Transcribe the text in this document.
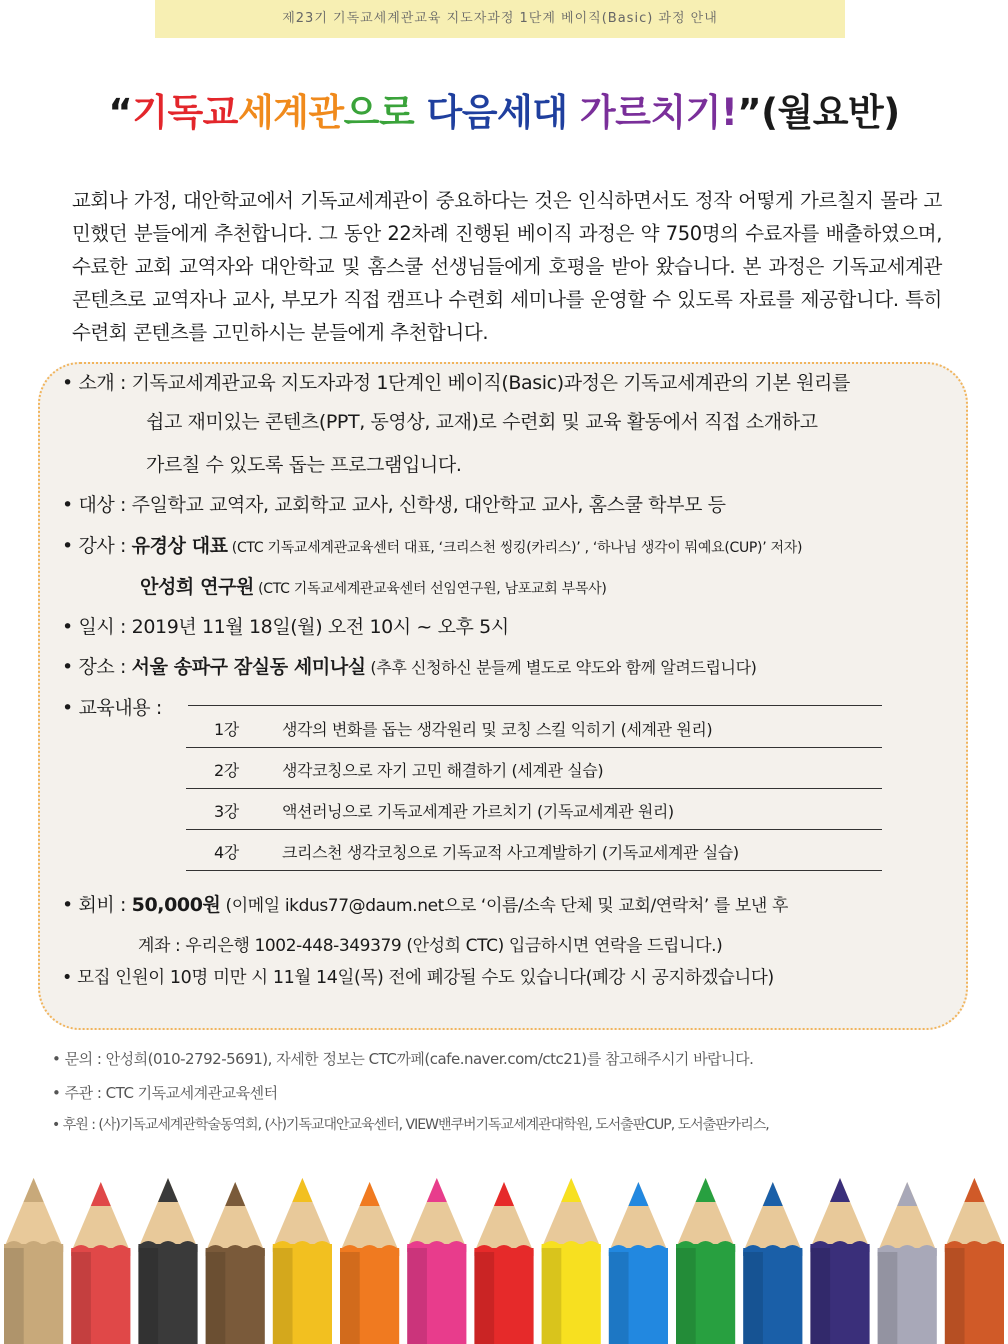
제23기 기독교세계관교육 지도자과정 1단계 베이직(Basic) 과정 안내
“기독교세계관으로 다음세대 가르치기!”(월요반)
교회나 가정, 대안학교에서 기독교세계관이 중요하다는 것은 인식하면서도 정작 어떻게 가르칠지 몰라 고민했던 분들에게 추천합니다. 그 동안 22차례 진행된 베이직 과정은 약 750명의 수료자를 배출하였으며, 수료한 교회 교역자와 대안학교 및 홈스쿨 선생님들에게 호평을 받아 왔습니다. 본 과정은 기독교세계관 콘텐츠로 교역자나 교사, 부모가 직접 캠프나 수련회 세미나를 운영할 수 있도록 자료를 제공합니다. 특히 수련회 콘텐츠를 고민하시는 분들에게 추천합니다.
• 소개 : 기독교세계관교육 지도자과정 1단계인 베이직(Basic)과정은 기독교세계관의 기본 원리를
쉽고 재미있는 콘텐츠(PPT, 동영상, 교재)로 수련회 및 교육 활동에서 직접 소개하고
가르칠 수 있도록 돕는 프로그램입니다.
• 대상 : 주일학교 교역자, 교회학교 교사, 신학생, 대안학교 교사, 홈스쿨 학부모 등
• 강사 : 유경상 대표 (CTC 기독교세계관교육센터 대표, ‘크리스천 씽킹(카리스)’ , ‘하나님 생각이 뭐예요(CUP)’ 저자)
안성희 연구원 (CTC 기독교세계관교육센터 선임연구원, 남포교회 부목사)
• 일시 : 2019년 11월 18일(월) 오전 10시 ~ 오후 5시
• 장소 : 서울 송파구 잠실동 세미나실 (추후 신청하신 분들께 별도로 약도와 함께 알려드립니다)
• 교육내용 :
1강	생각의 변화를 돕는 생각원리 및 코칭 스킬 익히기 (세계관 원리)
2강	생각코칭으로 자기 고민 해결하기 (세계관 실습)
3강	액션러닝으로 기독교세계관 가르치기 (기독교세계관 원리)
4강	크리스천 생각코칭으로 기독교적 사고계발하기 (기독교세계관 실습)
• 회비 : 50,000원 (이메일 ikdus77@daum.net으로 ‘이름/소속 단체 및 교회/연락처’ 를 보낸 후
계좌 : 우리은행 1002-448-349379 (안성희 CTC) 입금하시면 연락을 드립니다.)
• 모집 인원이 10명 미만 시 11월 14일(목) 전에 폐강될 수도 있습니다(폐강 시 공지하겠습니다)
• 문의 : 안성희(010-2792-5691), 자세한 정보는 CTC까페(cafe.naver.com/ctc21)를 참고해주시기 바랍니다.
• 주관 : CTC 기독교세계관교육센터
• 후원 : (사)기독교세계관학술동역회, (사)기독교대안교육센터, VIEW밴쿠버기독교세계관대학원, 도서출판CUP, 도서출판카리스,
